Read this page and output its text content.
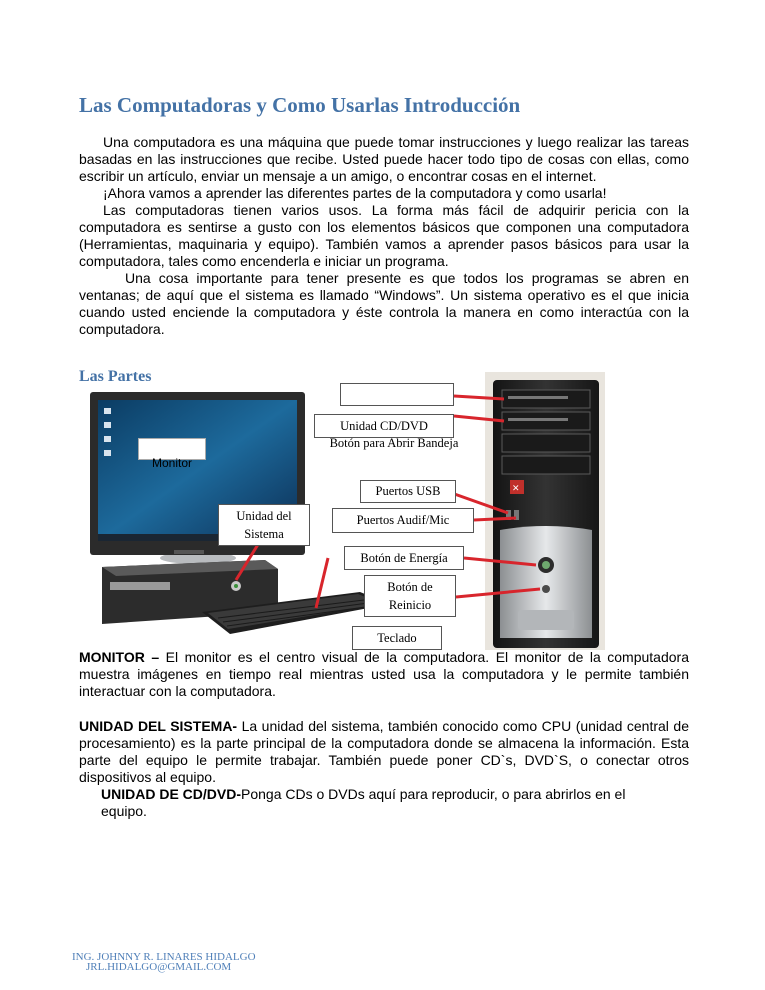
Las Computadoras y Como Usarlas Introducción

Una computadora es una máquina que puede tomar instrucciones y luego realizar las tareas basadas en las instrucciones que recibe. Usted puede hacer todo tipo de cosas con ellas, como escribir un artículo, enviar un mensaje a un amigo, o encontrar cosas en el internet.

¡Ahora vamos a aprender las diferentes partes de la computadora y como usarla!

Las computadoras tienen varios usos. La forma más fácil de adquirir pericia con la computadora es sentirse a gusto con los elementos básicos que componen una computadora (Herramientas, maquinaria y equipo). También vamos a aprender pasos básicos para usar la computadora, tales como encenderla e iniciar un programa.

Una cosa importante para tener presente es que todos los programas se abren en ventanas; de aquí que el sistema es llamado “Windows”. Un sistema operativo es el que inicia cuando usted enciende la computadora y éste controla la manera en como interactúa con la computadora.

Las Partes
✕
Monitor
Unidad CD/DVD
Botón para Abrir Bandeja
Puertos USB
Puertos Audif/Mic
Unidad del
Sistema
Botón de Energía
Botón de
Reinicio
Teclado

MONITOR – El monitor es el centro visual de la computadora. El monitor de la computadora muestra imágenes en tiempo real mientras usted usa la computadora y le permite también interactuar con la computadora.

UNIDAD DEL SISTEMA- La unidad del sistema, también conocido como CPU (unidad central de procesamiento) es la parte principal de la computadora donde se almacena la información. Esta parte del equipo le permite trabajar. También puede poner CD`s, DVD`S, o conectar otros dispositivos al equipo.

UNIDAD DE CD/DVD-Ponga CDs o DVDs aquí para reproducir, o para abrirlos en el equipo.

ING. JOHNNY R. LINARES HIDALGO
JRL.HIDALGO@GMAIL.COM
